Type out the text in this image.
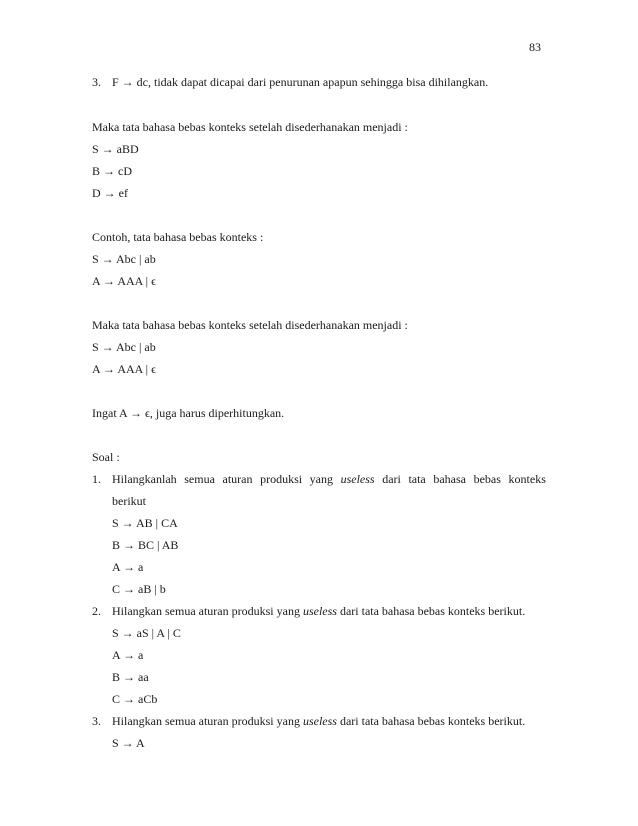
83
3. F → dc, tidak dapat dicapai dari penurunan apapun sehingga bisa dihilangkan.
Maka tata bahasa bebas konteks setelah disederhanakan menjadi :
S → aBD
B → cD
D → ef
Contoh, tata bahasa bebas konteks :
S → Abc | ab
A → AAA | ϵ
Maka tata bahasa bebas konteks setelah disederhanakan menjadi :
S → Abc | ab
A → AAA | ϵ
Ingat A → ϵ, juga harus diperhitungkan.
Soal :
1. Hilangkanlah semua aturan produksi yang useless dari tata bahasa bebas konteks
berikut
S → AB | CA
B → BC | AB
A → a
C → aB | b
2. Hilangkan semua aturan produksi yang useless dari tata bahasa bebas konteks berikut.
S → aS | A | C
A → a
B → aa
C → aCb
3. Hilangkan semua aturan produksi yang useless dari tata bahasa bebas konteks berikut.
S → A
